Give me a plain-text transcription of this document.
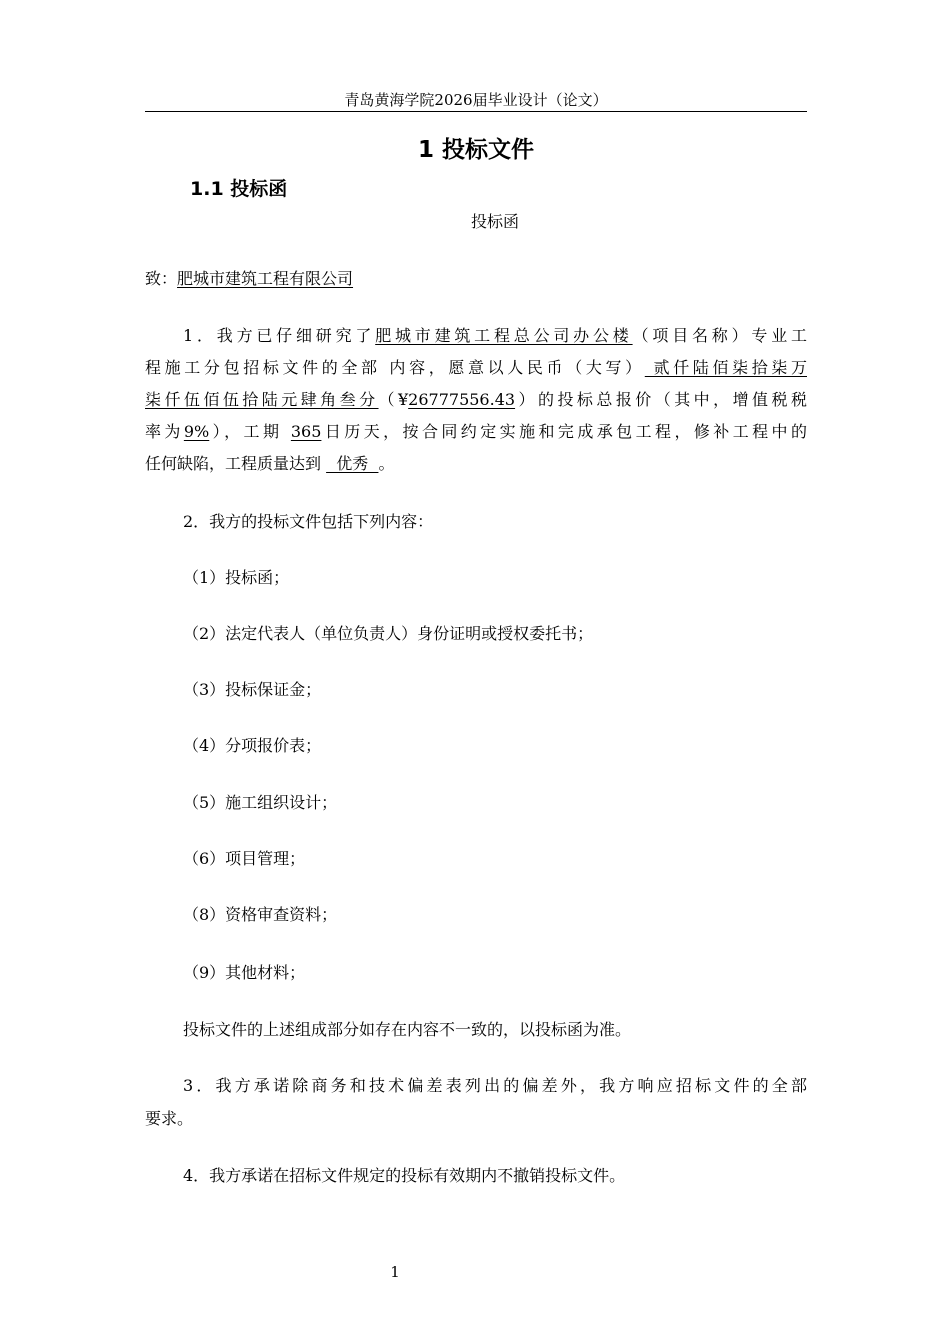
青岛黄海学院2026届毕业设计（论文）
1 投标文件
1.1 投标函
投标函
致：肥城市建筑工程有限公司
1．我方已仔细研究了肥城市建筑工程总公司办公楼（项目名称）专业工
程施工分包招标文件的全部 内容，愿意以人民币（大写） 贰仟陆佰柒拾柒万
柒仟伍佰伍拾陆元肆角叁分（¥26777556.43）的投标总报价（其中，增值税税
率为9%），工期 365日历天，按合同约定实施和完成承包工程，修补工程中的
任何缺陷，工程质量达到   优秀  。
2．我方的投标文件包括下列内容：
（1）投标函；
（2）法定代表人（单位负责人）身份证明或授权委托书；
（3）投标保证金；
（4）分项报价表；
（5）施工组织设计；
（6）项目管理；
（8）资格审查资料；
（9）其他材料；
投标文件的上述组成部分如存在内容不一致的，以投标函为准。
3．我方承诺除商务和技术偏差表列出的偏差外，我方响应招标文件的全部
要求。
4．我方承诺在招标文件规定的投标有效期内不撤销投标文件。
1
